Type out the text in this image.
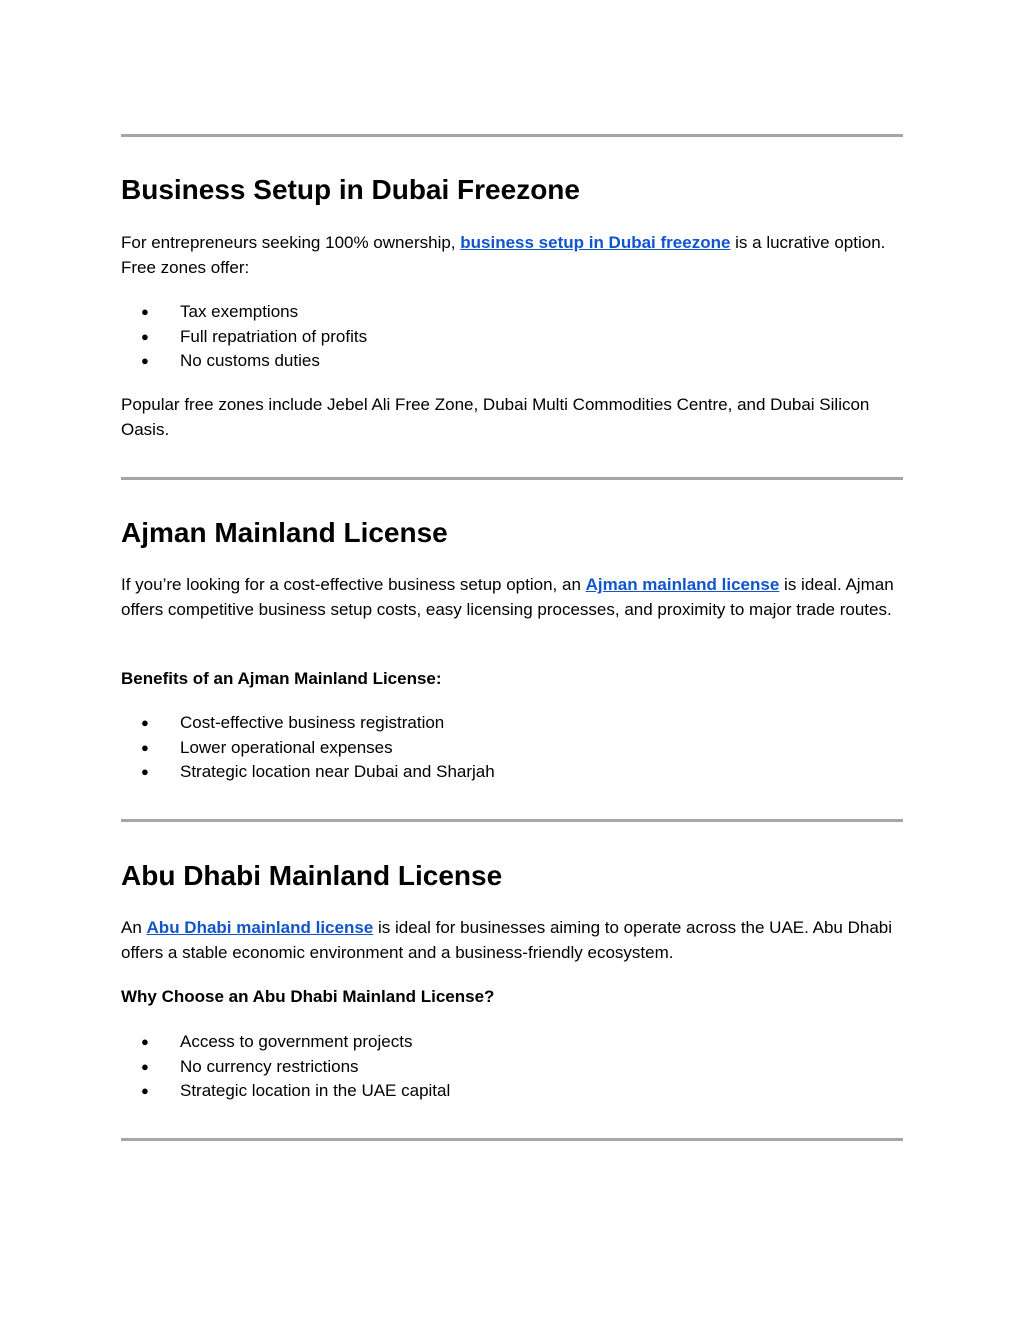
Business Setup in Dubai Freezone

For entrepreneurs seeking 100% ownership, business setup in Dubai freezone is a lucrative option. Free zones offer:

● Tax exemptions
● Full repatriation of profits
● No customs duties

Popular free zones include Jebel Ali Free Zone, Dubai Multi Commodities Centre, and Dubai Silicon Oasis.

Ajman Mainland License

If you’re looking for a cost-effective business setup option, an Ajman mainland license is ideal. Ajman offers competitive business setup costs, easy licensing processes, and proximity to major trade routes.

Benefits of an Ajman Mainland License:

● Cost-effective business registration
● Lower operational expenses
● Strategic location near Dubai and Sharjah
Abu Dhabi Mainland License

An Abu Dhabi mainland license is ideal for businesses aiming to operate across the UAE. Abu Dhabi offers a stable economic environment and a business-friendly ecosystem.

Why Choose an Abu Dhabi Mainland License?

● Access to government projects
● No currency restrictions
● Strategic location in the UAE capital
